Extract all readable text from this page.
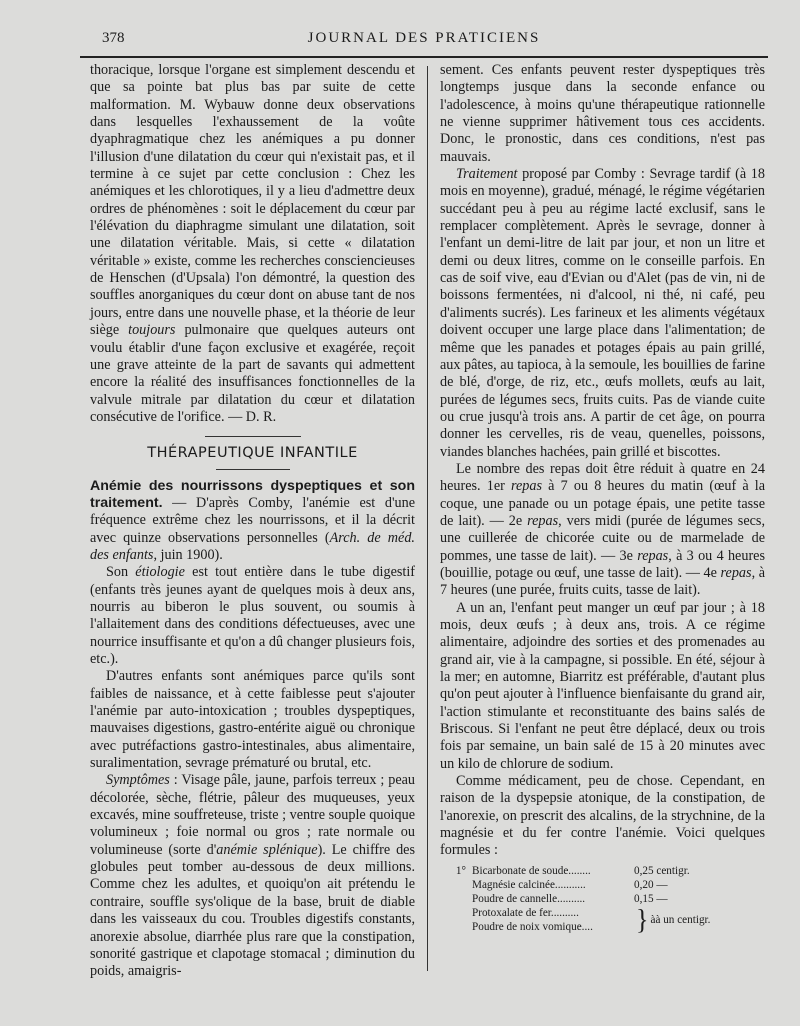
378	JOURNAL DES PRATICIENS

thoracique, lorsque l'organe est simplement descendu et que sa pointe bat plus bas par suite de cette malformation. M. Wybauw donne deux observations dans lesquelles l'exhaussement de la voûte dyaphragmatique chez les anémiques a pu donner l'illusion d'une dilatation du cœur qui n'existait pas, et il termine à ce sujet par cette conclusion : Chez les anémiques et les chlorotiques, il y a lieu d'admettre deux ordres de phénomènes : soit le déplacement du cœur par l'élévation du diaphragme simulant une dilatation, soit une dilatation véritable. Mais, si cette « dilatation véritable » existe, comme les recherches consciencieuses de Henschen (d'Upsala) l'on démontré, la question des souffles anorganiques du cœur dont on abuse tant de nos jours, entre dans une nouvelle phase, et la théorie de leur siège toujours pulmonaire que quelques auteurs ont voulu établir d'une façon exclusive et exagérée, reçoit une grave atteinte de la part de savants qui admettent encore la réalité des insuffisances fonctionnelles de la valvule mitrale par dilatation du cœur et dilatation consécutive de l'orifice. — D. R.

THÉRAPEUTIQUE INFANTILE

Anémie des nourrissons dyspeptiques et son traitement. — D'après Comby, l'anémie est d'une fréquence extrême chez les nourrissons, et il la décrit avec quinze observations personnelles (Arch. de méd. des enfants, juin 1900).

Son étiologie est tout entière dans le tube digestif (enfants très jeunes ayant de quelques mois à deux ans, nourris au biberon le plus souvent, ou soumis à l'allaitement dans des conditions défectueuses, avec une nourrice insuffisante et qu'on a dû changer plusieurs fois, etc.).

D'autres enfants sont anémiques parce qu'ils sont faibles de naissance, et à cette faiblesse peut s'ajouter l'anémie par auto-intoxication ; troubles dyspeptiques, mauvaises digestions, gastro-entérite aiguë ou chronique avec putréfactions gastro-intestinales, abus alimentaire, suralimentation, sevrage prématuré ou brutal, etc.

Symptômes : Visage pâle, jaune, parfois terreux ; peau décolorée, sèche, flétrie, pâleur des muqueuses, yeux excavés, mine souffreteuse, triste ; ventre souple quoique volumineux ; foie normal ou gros ; rate normale ou volumineuse (sorte d'anémie splénique). Le chiffre des globules peut tomber au-dessous de deux millions. Comme chez les adultes, et quoiqu'on ait prétendu le contraire, souffle sys'olique de la base, bruit de diable dans les vaisseaux du cou. Troubles digestifs constants, anorexie absolue, diarrhée plus rare que la constipation, sonorité gastrique et clapotage stomacal ; diminution du poids, amaigris-

sement. Ces enfants peuvent rester dyspeptiques très longtemps jusque dans la seconde enfance ou l'adolescence, à moins qu'une thérapeutique rationnelle ne vienne supprimer hâtivement tous ces accidents. Donc, le pronostic, dans ces conditions, n'est pas mauvais.

Traitement proposé par Comby : Sevrage tardif (à 18 mois en moyenne), gradué, ménagé, le régime végétarien succédant peu à peu au régime lacté exclusif, sans le remplacer complètement. Après le sevrage, donner à l'enfant un demi-litre de lait par jour, et non un litre et demi ou deux litres, comme on le conseille parfois. En cas de soif vive, eau d'Evian ou d'Alet (pas de vin, ni de boissons fermentées, ni d'alcool, ni thé, ni café, peu d'aliments sucrés). Les farineux et les aliments végétaux doivent occuper une large place dans l'alimentation; de même que les panades et potages épais au pain grillé, aux pâtes, au tapioca, à la semoule, les bouillies de farine de blé, d'orge, de riz, etc., œufs mollets, œufs au lait, purées de légumes secs, fruits cuits. Pas de viande cuite ou crue jusqu'à trois ans. A partir de cet âge, on pourra donner les cervelles, ris de veau, quenelles, poissons, viandes blanches hachées, pain grillé et biscottes.

Le nombre des repas doit être réduit à quatre en 24 heures. 1er repas à 7 ou 8 heures du matin (œuf à la coque, une panade ou un potage épais, une petite tasse de lait). — 2e repas, vers midi (purée de légumes secs, une cuillerée de chicorée cuite ou de marmelade de pommes, une tasse de lait). — 3e repas, à 3 ou 4 heures (bouillie, potage ou œuf, une tasse de lait). — 4e repas, à 7 heures (une purée, fruits cuits, tasse de lait).

A un an, l'enfant peut manger un œuf par jour ; à 18 mois, deux œufs ; à deux ans, trois. A ce régime alimentaire, adjoindre des sorties et des promenades au grand air, vie à la campagne, si possible. En été, séjour à la mer; en automne, Biarritz est préférable, d'autant plus qu'on peut ajouter à l'influence bienfaisante du grand air, l'action stimulante et reconstituante des bains salés de Briscous. Si l'enfant ne peut être déplacé, deux ou trois fois par semaine, un bain salé de 15 à 20 minutes avec un kilo de chlorure de sodium.

Comme médicament, peu de chose. Cependant, en raison de la dyspepsie atonique, de la constipation, de l'anorexie, on prescrit des alcalins, de la strychnine, de la magnésie et du fer contre l'anémie. Voici quelques formules :

1° Bicarbonate de soude........	0,25 centigr.
Magnésie calcinée...........	0,20 —
Poudre de cannelle..........	0,15 —
Protoxalate de fer..........
Poudre de noix vomique....	} àà un centigr.
